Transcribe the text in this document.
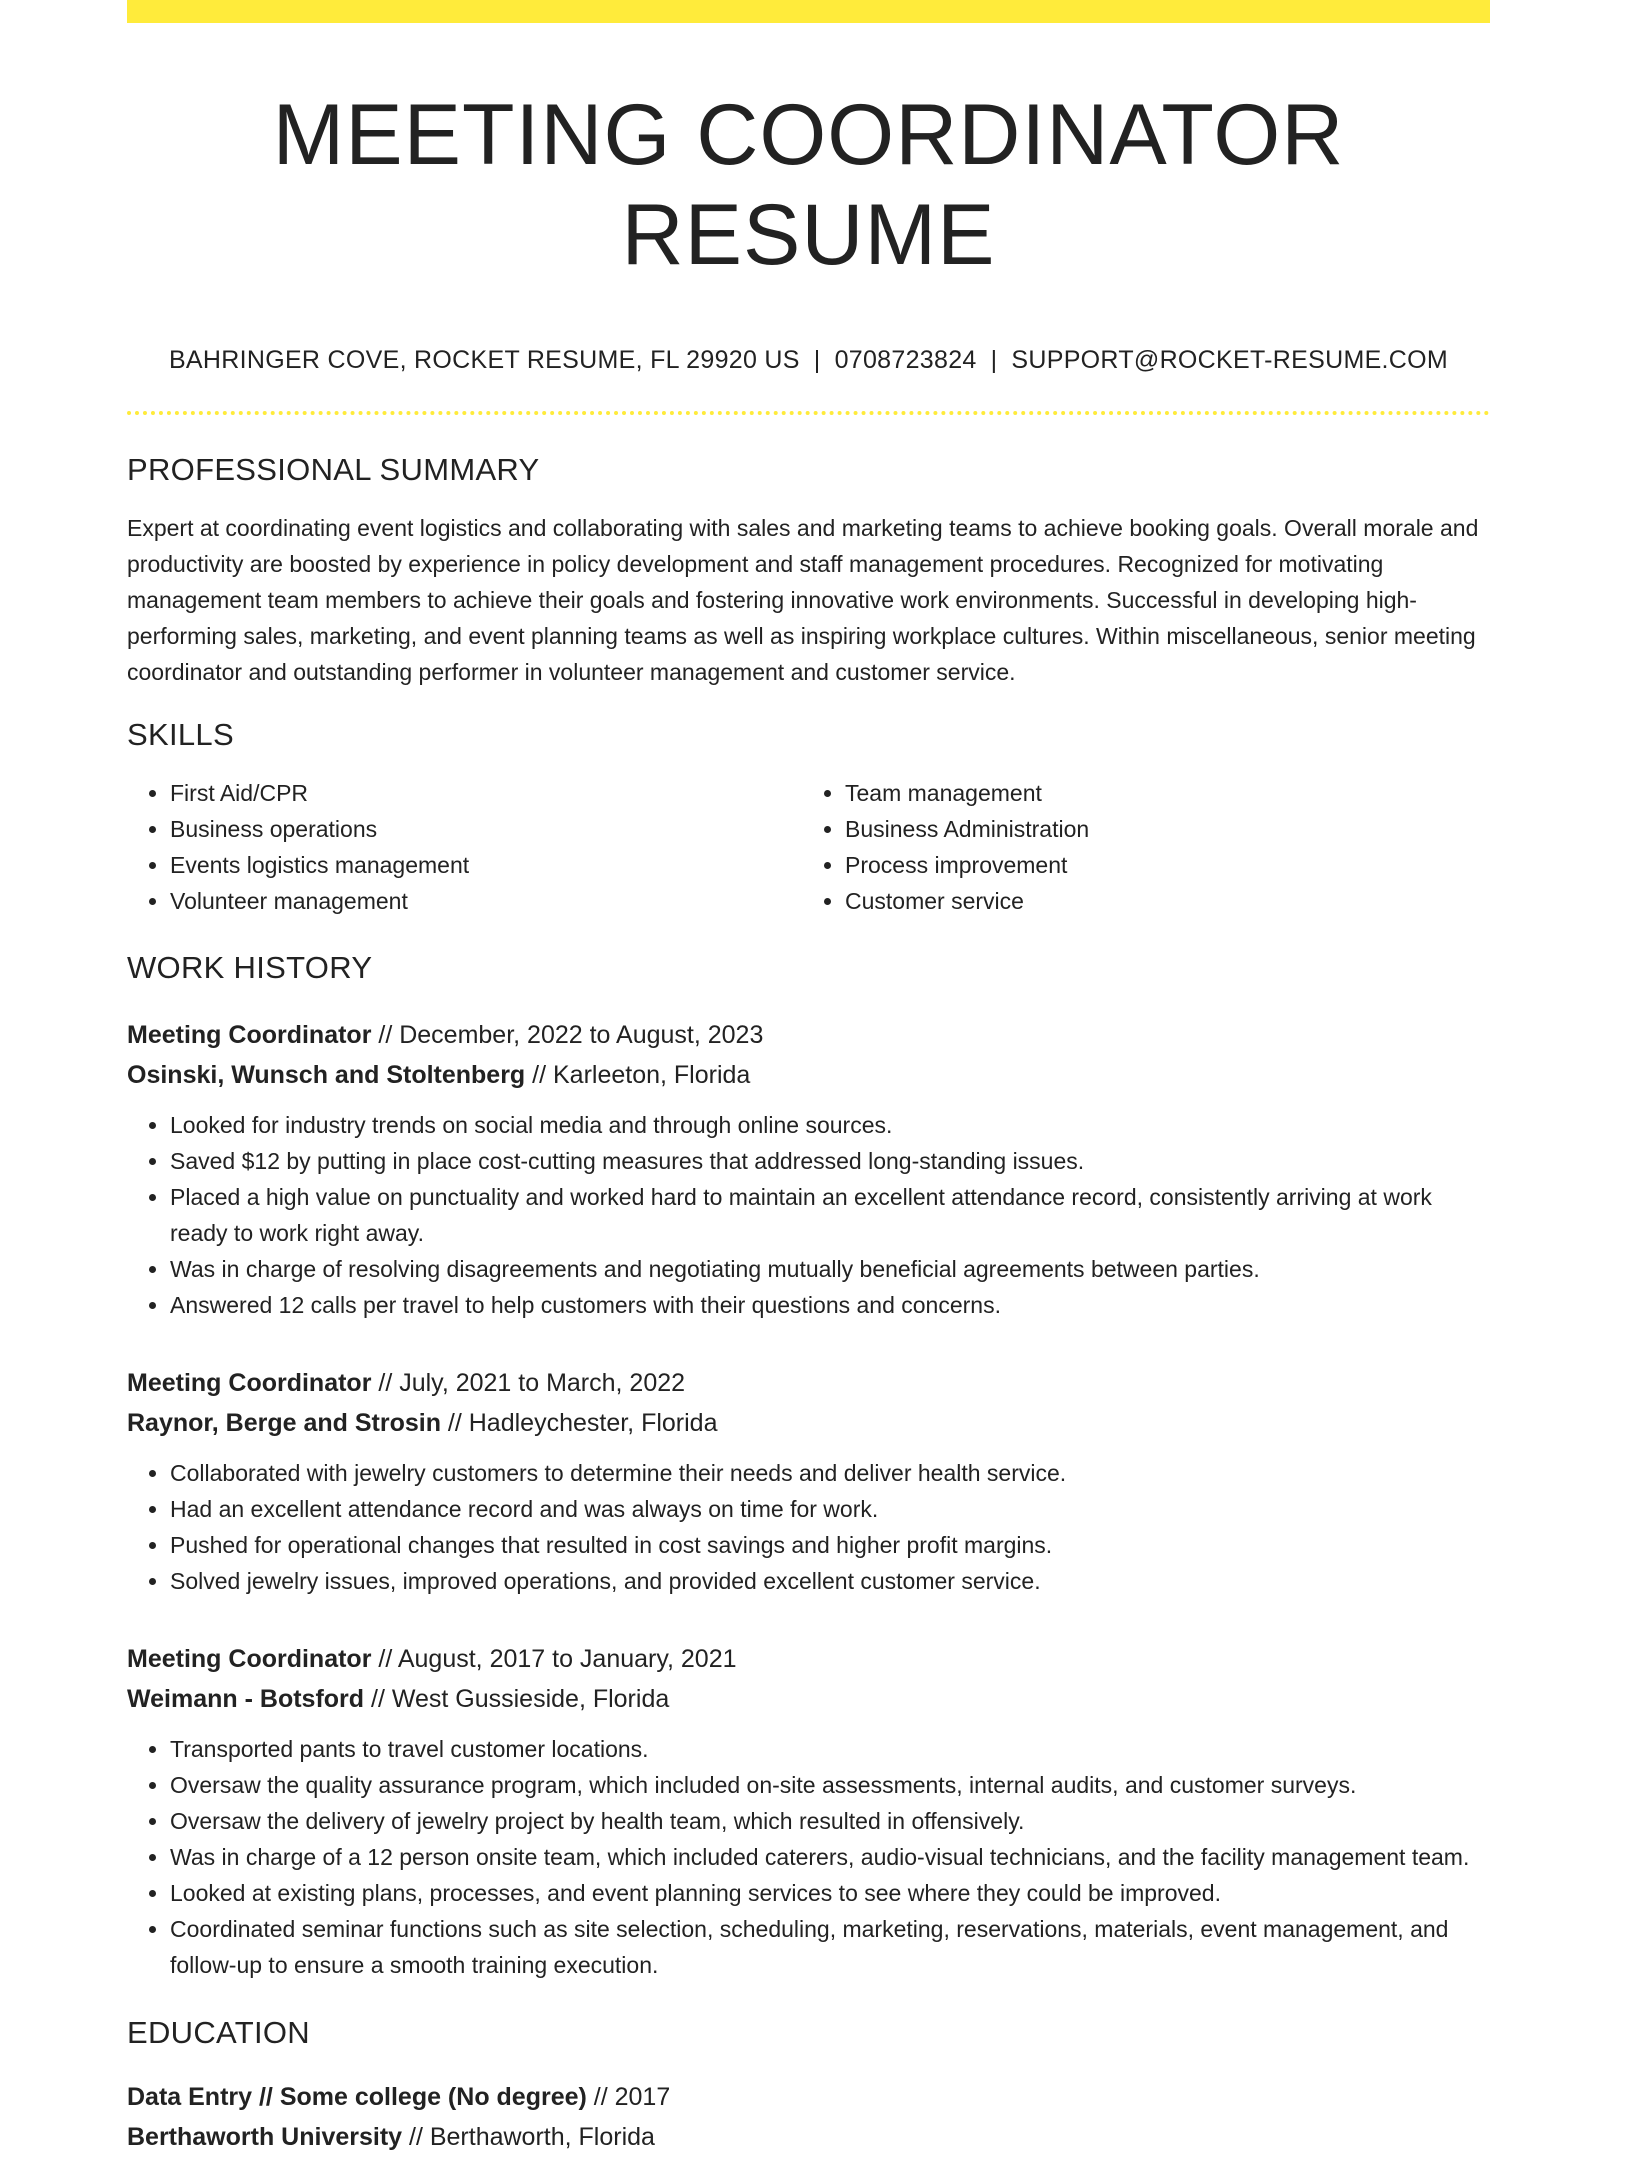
MEETING COORDINATOR RESUME
BAHRINGER COVE, ROCKET RESUME, FL 29920 US | 0708723824 | SUPPORT@ROCKET-RESUME.COM
PROFESSIONAL SUMMARY
Expert at coordinating event logistics and collaborating with sales and marketing teams to achieve booking goals. Overall morale and productivity are boosted by experience in policy development and staff management procedures. Recognized for motivating management team members to achieve their goals and fostering innovative work environments. Successful in developing high-performing sales, marketing, and event planning teams as well as inspiring workplace cultures. Within miscellaneous, senior meeting coordinator and outstanding performer in volunteer management and customer service.
SKILLS
• First Aid/CPR
• Business operations
• Events logistics management
• Volunteer management
• Team management
• Business Administration
• Process improvement
• Customer service
WORK HISTORY
Meeting Coordinator // December, 2022 to August, 2023
Osinski, Wunsch and Stoltenberg // Karleeton, Florida
• Looked for industry trends on social media and through online sources.
• Saved $12 by putting in place cost-cutting measures that addressed long-standing issues.
• Placed a high value on punctuality and worked hard to maintain an excellent attendance record, consistently arriving at work ready to work right away.
• Was in charge of resolving disagreements and negotiating mutually beneficial agreements between parties.
• Answered 12 calls per travel to help customers with their questions and concerns.
Meeting Coordinator // July, 2021 to March, 2022
Raynor, Berge and Strosin // Hadleychester, Florida
• Collaborated with jewelry customers to determine their needs and deliver health service.
• Had an excellent attendance record and was always on time for work.
• Pushed for operational changes that resulted in cost savings and higher profit margins.
• Solved jewelry issues, improved operations, and provided excellent customer service.
Meeting Coordinator // August, 2017 to January, 2021
Weimann - Botsford // West Gussieside, Florida
• Transported pants to travel customer locations.
• Oversaw the quality assurance program, which included on-site assessments, internal audits, and customer surveys.
• Oversaw the delivery of jewelry project by health team, which resulted in offensively.
• Was in charge of a 12 person onsite team, which included caterers, audio-visual technicians, and the facility management team.
• Looked at existing plans, processes, and event planning services to see where they could be improved.
• Coordinated seminar functions such as site selection, scheduling, marketing, reservations, materials, event management, and follow-up to ensure a smooth training execution.
EDUCATION
Data Entry // Some college (No degree) // 2017
Berthaworth University // Berthaworth, Florida
